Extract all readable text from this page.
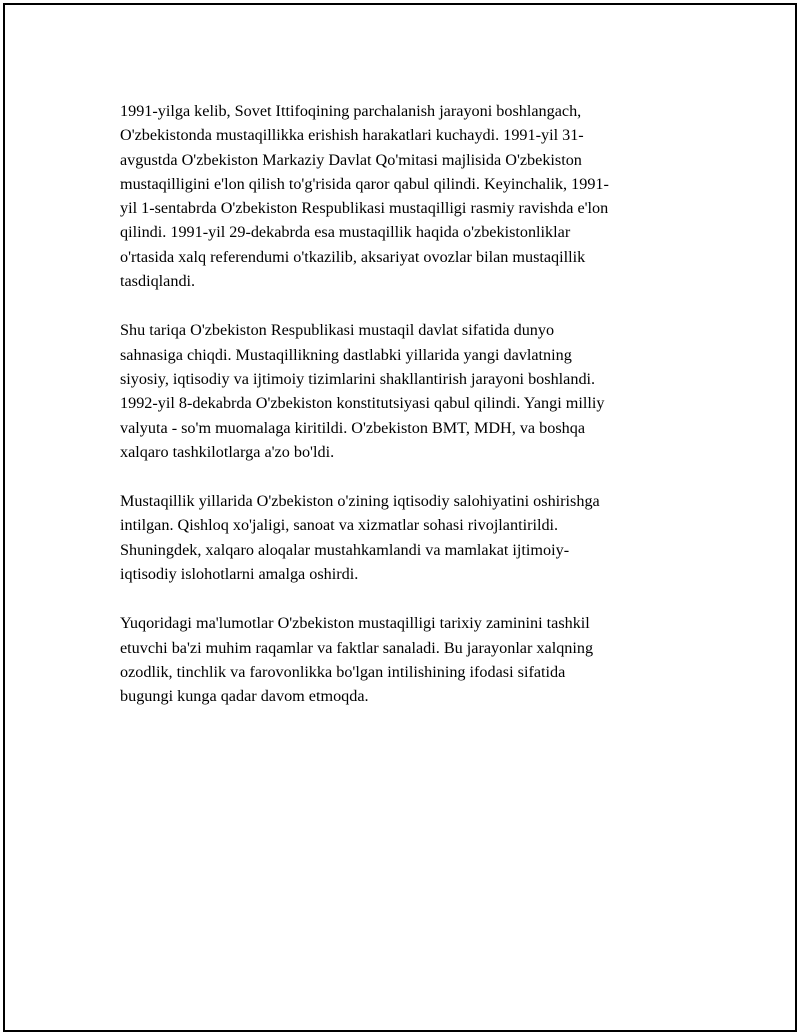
1991-yilga kelib, Sovet Ittifoqining parchalanish jarayoni boshlangach,
O'zbekistonda mustaqillikka erishish harakatlari kuchaydi. 1991-yil 31-
avgustda O'zbekiston Markaziy Davlat Qo'mitasi majlisida O'zbekiston
mustaqilligini e'lon qilish to'g'risida qaror qabul qilindi. Keyinchalik, 1991-
yil 1-sentabrda O'zbekiston Respublikasi mustaqilligi rasmiy ravishda e'lon
qilindi. 1991-yil 29-dekabrda esa mustaqillik haqida o'zbekistonliklar
o'rtasida xalq referendumi o'tkazilib, aksariyat ovozlar bilan mustaqillik
tasdiqlandi.

Shu tariqa O'zbekiston Respublikasi mustaqil davlat sifatida dunyo
sahnasiga chiqdi. Mustaqillikning dastlabki yillarida yangi davlatning
siyosiy, iqtisodiy va ijtimoiy tizimlarini shakllantirish jarayoni boshlandi.
1992-yil 8-dekabrda O'zbekiston konstitutsiyasi qabul qilindi. Yangi milliy
valyuta - so'm muomalaga kiritildi. O'zbekiston BMT, MDH, va boshqa
xalqaro tashkilotlarga a'zo bo'ldi.

Mustaqillik yillarida O'zbekiston o'zining iqtisodiy salohiyatini oshirishga
intilgan. Qishloq xo'jaligi, sanoat va xizmatlar sohasi rivojlantirildi.
Shuningdek, xalqaro aloqalar mustahkamlandi va mamlakat ijtimoiy-
iqtisodiy islohotlarni amalga oshirdi.

Yuqoridagi ma'lumotlar O'zbekiston mustaqilligi tarixiy zaminini tashkil
etuvchi ba'zi muhim raqamlar va faktlar sanaladi. Bu jarayonlar xalqning
ozodlik, tinchlik va farovonlikka bo'lgan intilishining ifodasi sifatida
bugungi kunga qadar davom etmoqda.
